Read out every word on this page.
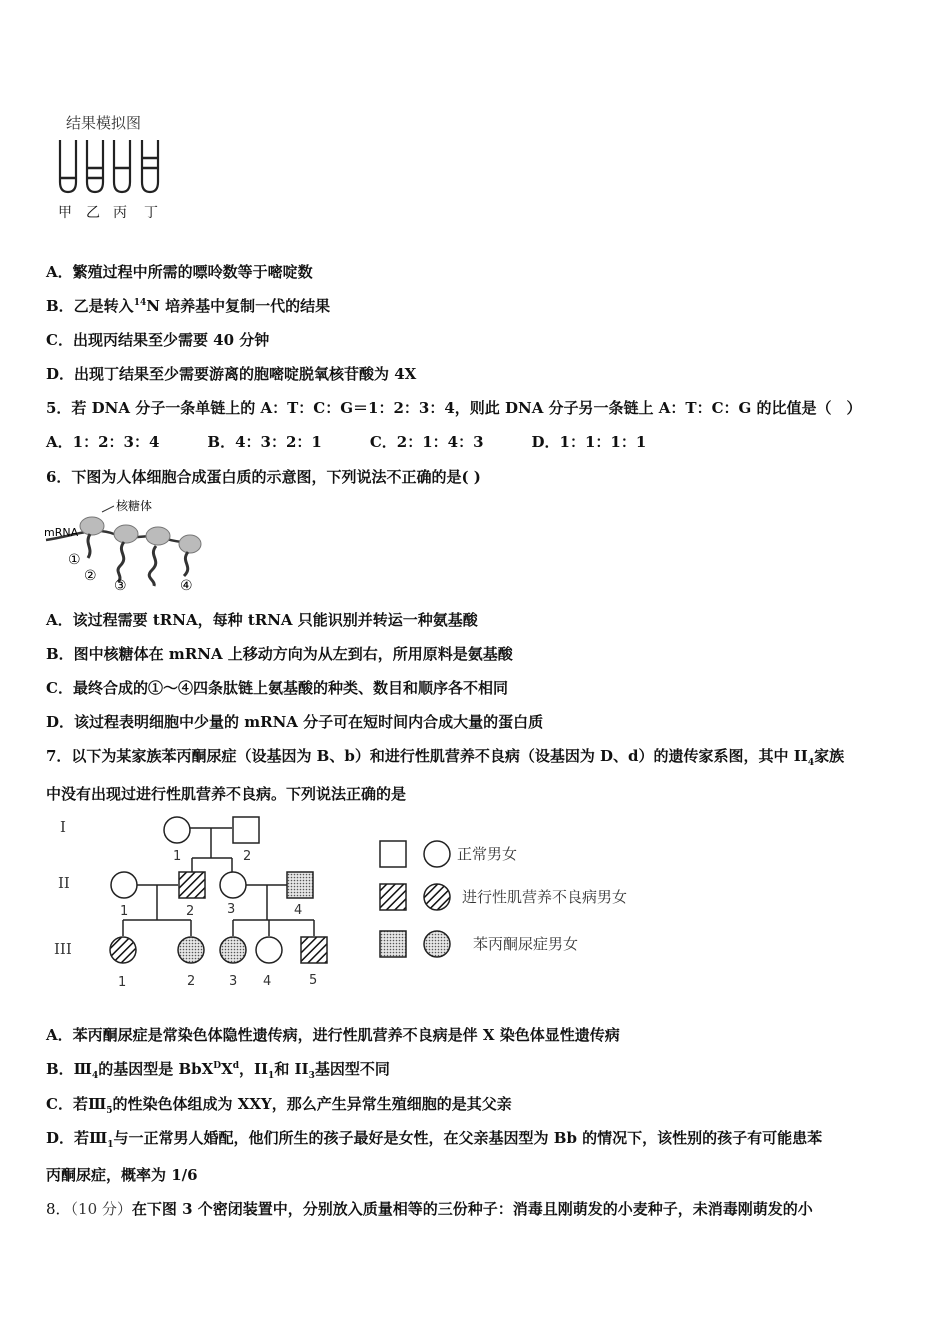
结果模拟图
甲 乙 丙 丁
A．繁殖过程中所需的嘌呤数等于嘧啶数
B．乙是转入$^{14}$N 培养基中复制一代的结果
C．出现丙结果至少需要 40 分钟
D．出现丁结果至少需要游离的胞嘧啶脱氧核苷酸为 4X
5．若 DNA 分子一条单链上的 A：T：C：G＝1：2：3：4，则此 DNA 分子另一条链上 A：T：C：G 的比值是（　）
A．1：2：3：4	B．4：3：2：1	C．2：1：4：3	D．1：1：1：1
6．下图为人体细胞合成蛋白质的示意图，下列说法不正确的是( )
核糖体
mRNA
①
②
③	④
A．该过程需要 tRNA，每种 tRNA 只能识别并转运一种氨基酸
B．图中核糖体在 mRNA 上移动方向为从左到右，所用原料是氨基酸
C．最终合成的①～④四条肽链上氨基酸的种类、数目和顺序各不相同
D．该过程表明细胞中少量的 mRNA 分子可在短时间内合成大量的蛋白质
7．以下为某家族苯丙酮尿症（设基因为 B、b）和进行性肌营养不良病（设基因为 D、d）的遗传家系图，其中 $II_4$家族
中没有出现过进行性肌营养不良病。下列说法正确的是
I
II
III
1	2
1	2	3	4
1	2	3 4	5
正常男女
进行性肌营养不良病男女
苯丙酮尿症男女
A．苯丙酮尿症是常染色体隐性遗传病，进行性肌营养不良病是伴 X 染色体显性遗传病
B．$Ⅲ_4$的基因型是 $BbX^DX^d$，$II_1$和 $II_3$基因型不同
C．若$Ⅲ_5$的性染色体组成为 XXY，那么产生异常生殖细胞的是其父亲
D．若$Ⅲ_1$与一正常男人婚配，他们所生的孩子最好是女性，在父亲基因型为 Bb 的情况下，该性别的孩子有可能患苯
丙酮尿症，概率为 1/6
8．（10 分）在下图 3 个密闭装置中，分别放入质量相等的三份种子：消毒且刚萌发的小麦种子，未消毒刚萌发的小
